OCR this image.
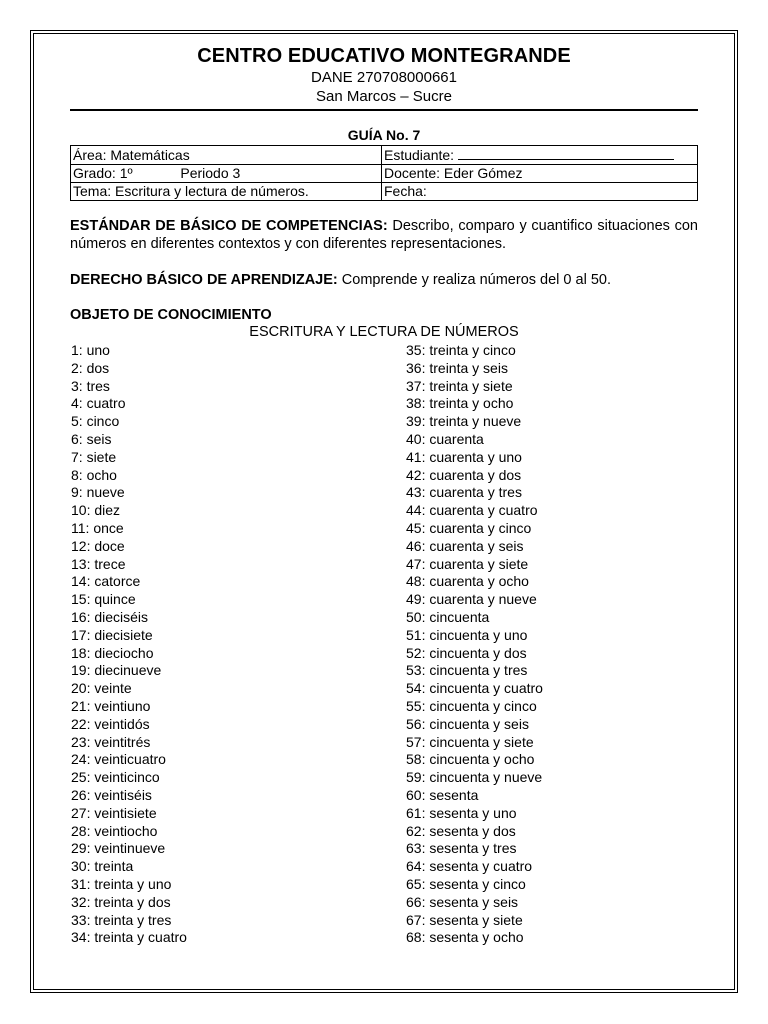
CENTRO EDUCATIVO MONTEGRANDE
DANE 270708000661
San Marcos – Sucre
GUÍA No. 7
Área: Matemáticas	Estudiante:
Grado: 1º Periodo 3	Docente: Eder Gómez
Tema: Escritura y lectura de números.	Fecha:
ESTÁNDAR DE BÁSICO DE COMPETENCIAS: Describo, comparo y cuantifico situaciones con números en diferentes contextos y con diferentes representaciones.
DERECHO BÁSICO DE APRENDIZAJE: Comprende y realiza números del 0 al 50.
OBJETO DE CONOCIMIENTO
ESCRITURA Y LECTURA DE NÚMEROS
1: uno
2: dos
3: tres
4: cuatro
5: cinco
6: seis
7: siete
8: ocho
9: nueve
10: diez
11: once
12: doce
13: trece
14: catorce
15: quince
16: dieciséis
17: diecisiete
18: dieciocho
19: diecinueve
20: veinte
21: veintiuno
22: veintidós
23: veintitrés
24: veinticuatro
25: veinticinco
26: veintiséis
27: veintisiete
28: veintiocho
29: veintinueve
30: treinta
31: treinta y uno
32: treinta y dos
33: treinta y tres
34: treinta y cuatro
35: treinta y cinco
36: treinta y seis
37: treinta y siete
38: treinta y ocho
39: treinta y nueve
40: cuarenta
41: cuarenta y uno
42: cuarenta y dos
43: cuarenta y tres
44: cuarenta y cuatro
45: cuarenta y cinco
46: cuarenta y seis
47: cuarenta y siete
48: cuarenta y ocho
49: cuarenta y nueve
50: cincuenta
51: cincuenta y uno
52: cincuenta y dos
53: cincuenta y tres
54: cincuenta y cuatro
55: cincuenta y cinco
56: cincuenta y seis
57: cincuenta y siete
58: cincuenta y ocho
59: cincuenta y nueve
60: sesenta
61: sesenta y uno
62: sesenta y dos
63: sesenta y tres
64: sesenta y cuatro
65: sesenta y cinco
66: sesenta y seis
67: sesenta y siete
68: sesenta y ocho
